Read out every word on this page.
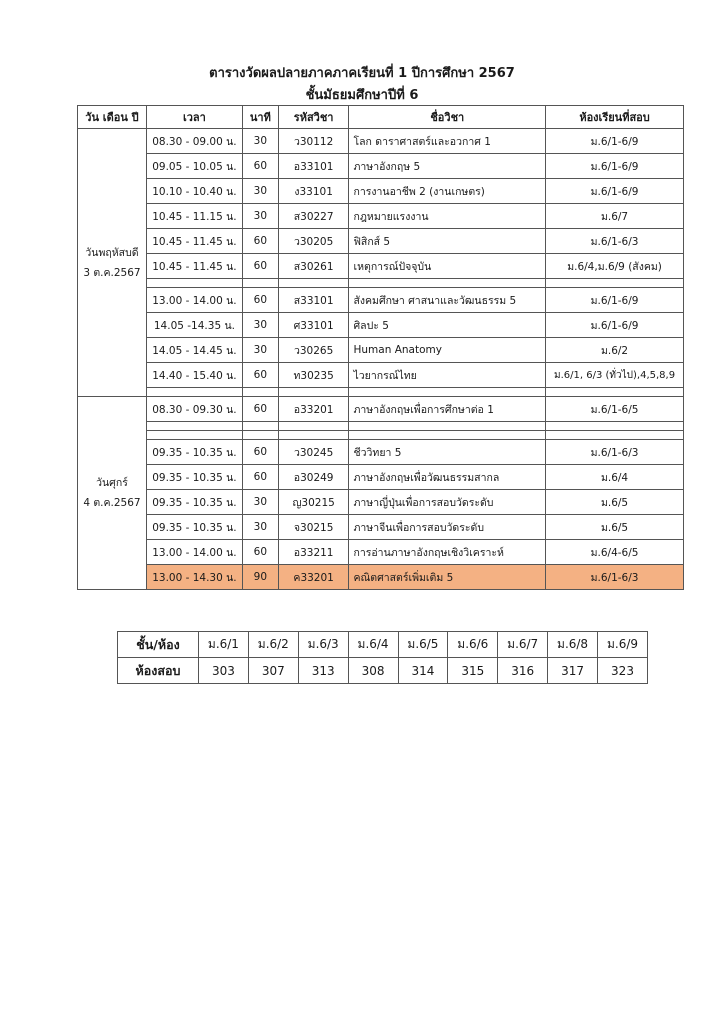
ตารางวัดผลปลายภาคภาคเรียนที่ 1 ปีการศึกษา 2567
ชั้นมัธยมศึกษาปีที่ 6
วัน เดือน ปี	เวลา	นาที	รหัสวิชา	ชื่อวิชา	ห้องเรียนที่สอบ
วันพฤหัสบดี
3 ต.ค.2567	08.30 - 09.00 น.	30	ว30112	โลก ดาราศาสตร์และอวกาศ 1	ม.6/1-6/9
	09.05 - 10.05 น.	60	อ33101	ภาษาอังกฤษ 5	ม.6/1-6/9
	10.10 - 10.40 น.	30	ง33101	การงานอาชีพ 2 (งานเกษตร)	ม.6/1-6/9
	10.45 - 11.15 น.	30	ส30227	กฎหมายแรงงาน	ม.6/7
	10.45 - 11.45 น.	60	ว30205	ฟิสิกส์ 5	ม.6/1-6/3
	10.45 - 11.45 น.	60	ส30261	เหตุการณ์ปัจจุบัน	ม.6/4,ม.6/9 (สังคม)

	13.00 - 14.00 น.	60	ส33101	สังคมศึกษา ศาสนาและวัฒนธรรม 5	ม.6/1-6/9
	14.05 -14.35 น.	30	ศ33101	ศิลปะ 5	ม.6/1-6/9
	14.05 - 14.45 น.	30	ว30265	Human Anatomy	ม.6/2
	14.40 - 15.40 น.	60	ท30235	ไวยากรณ์ไทย	ม.6/1, 6/3 (ทั่วไป),4,5,8,9

วันศุกร์
4 ต.ค.2567	08.30 - 09.30 น.	60	อ33201	ภาษาอังกฤษเพื่อการศึกษาต่อ 1	ม.6/1-6/5

	09.35 - 10.35 น.	60	ว30245	ชีววิทยา 5	ม.6/1-6/3
	09.35 - 10.35 น.	60	อ30249	ภาษาอังกฤษเพื่อวัฒนธรรมสากล	ม.6/4
	09.35 - 10.35 น.	30	ญ30215	ภาษาญี่ปุ่นเพื่อการสอบวัดระดับ	ม.6/5
	09.35 - 10.35 น.	30	จ30215	ภาษาจีนเพื่อการสอบวัดระดับ	ม.6/5
	13.00 - 14.00 น.	60	อ33211	การอ่านภาษาอังกฤษเชิงวิเคราะห์	ม.6/4-6/5
	13.00 - 14.30 น.	90	ค33201	คณิตศาสตร์เพิ่มเติม 5	ม.6/1-6/3
ชั้น/ห้อง	ม.6/1	ม.6/2	ม.6/3	ม.6/4	ม.6/5	ม.6/6	ม.6/7	ม.6/8	ม.6/9
ห้องสอบ	303	307	313	308	314	315	316	317	323
